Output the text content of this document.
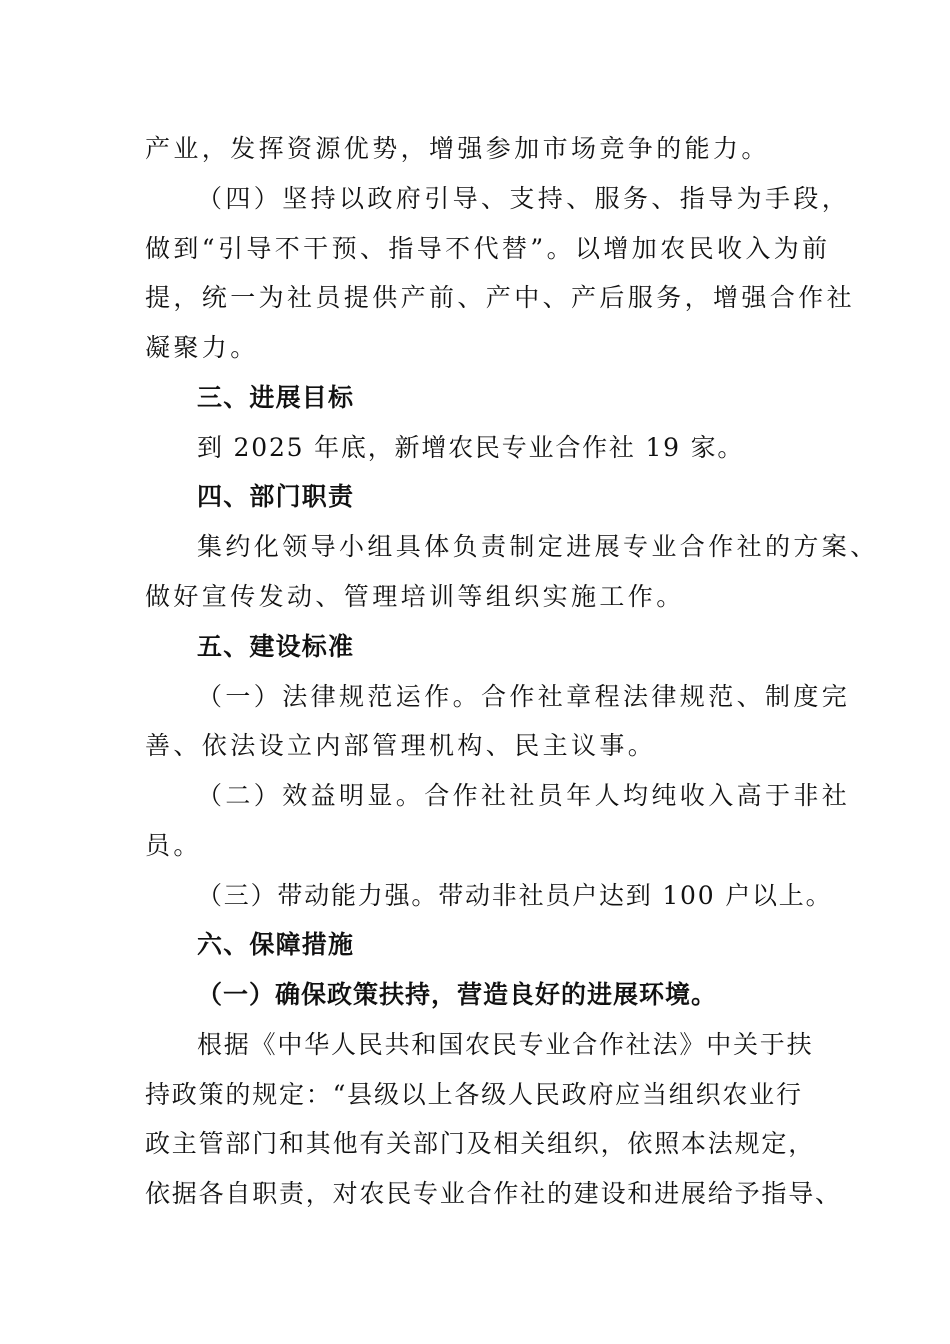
产业，发挥资源优势，增强参加市场竞争的能力。
（四）坚持以政府引导、支持、服务、指导为手段，
做到“引导不干预、指导不代替”。以增加农民收入为前
提，统一为社员提供产前、产中、产后服务，增强合作社
凝聚力。
三、进展目标
到 2025 年底，新增农民专业合作社 19 家。
四、部门职责
集约化领导小组具体负责制定进展专业合作社的方案、
做好宣传发动、管理培训等组织实施工作。
五、建设标准
（一）法律规范运作。合作社章程法律规范、制度完
善、依法设立内部管理机构、民主议事。
（二）效益明显。合作社社员年人均纯收入高于非社
员。
（三）带动能力强。带动非社员户达到 100 户以上。
六、保障措施
（一）确保政策扶持，营造良好的进展环境。
根据《中华人民共和国农民专业合作社法》中关于扶
持政策的规定：“县级以上各级人民政府应当组织农业行
政主管部门和其他有关部门及相关组织，依照本法规定，
依据各自职责，对农民专业合作社的建设和进展给予指导、
